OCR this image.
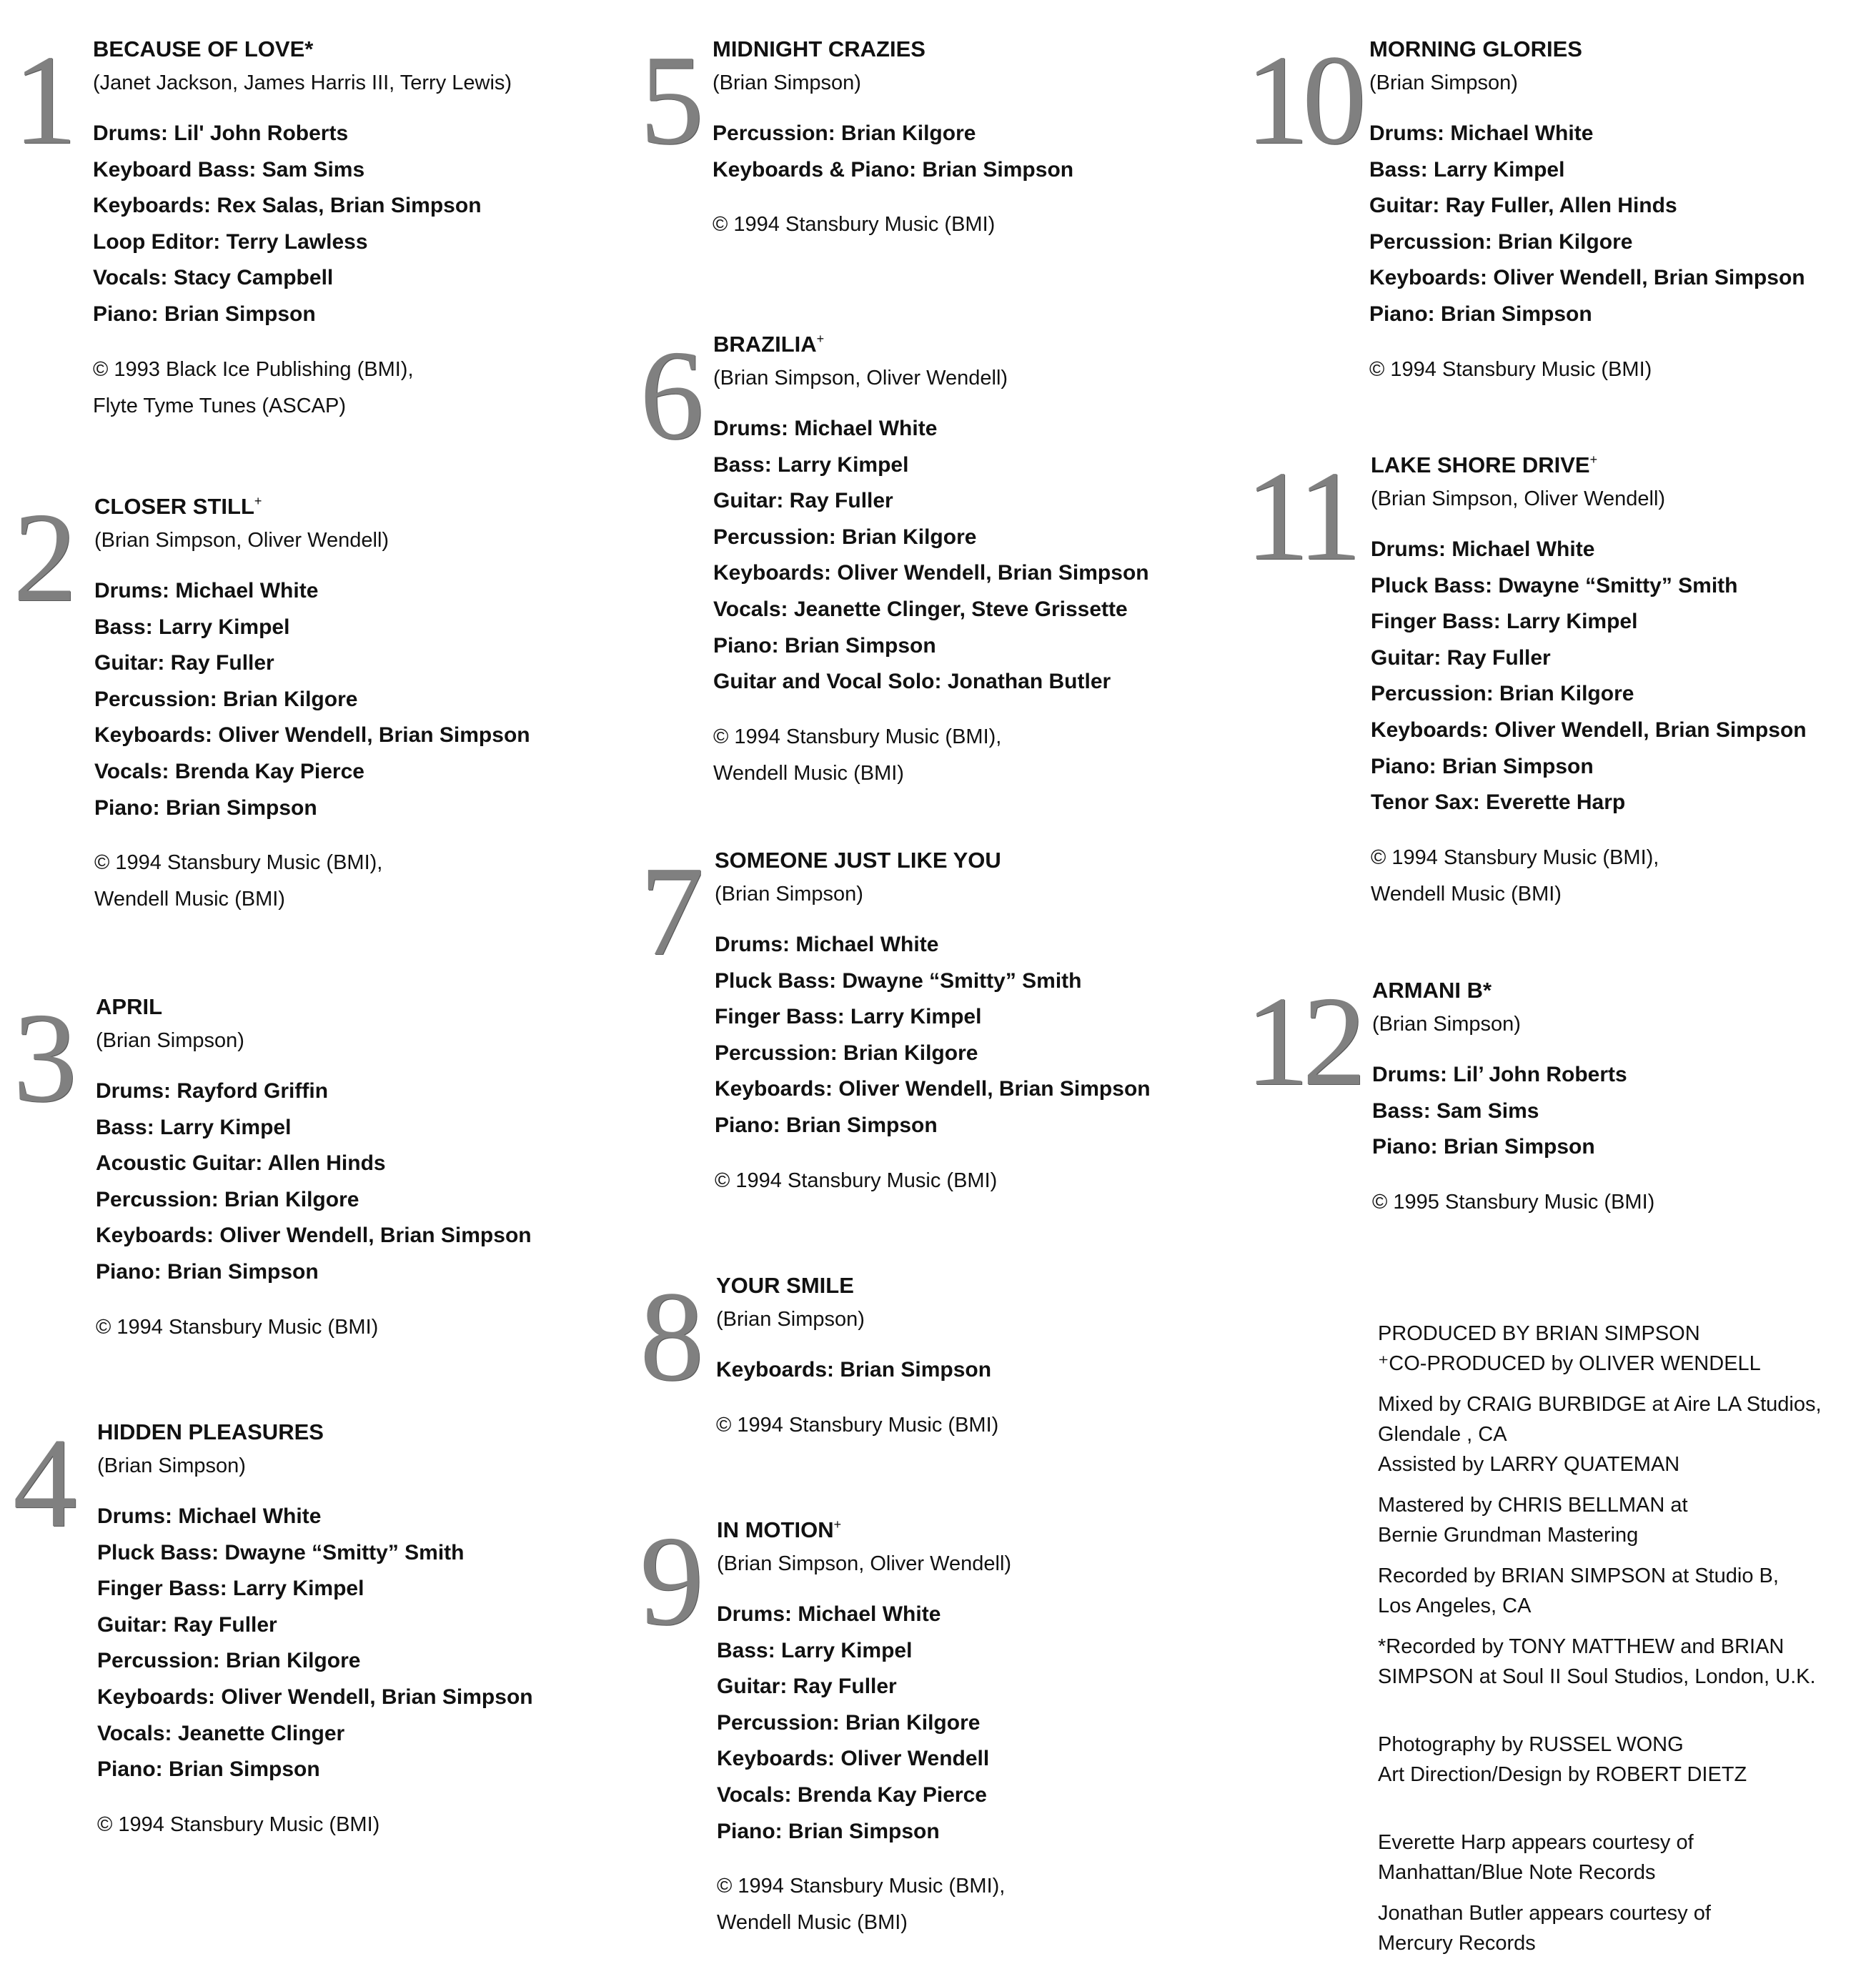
1 BECAUSE OF LOVE*
(Janet Jackson, James Harris III, Terry Lewis)
Drums: Lil' John Roberts
Keyboard Bass: Sam Sims
Keyboards: Rex Salas, Brian Simpson
Loop Editor: Terry Lawless
Vocals: Stacy Campbell
Piano: Brian Simpson
© 1993 Black Ice Publishing (BMI),
Flyte Tyme Tunes (ASCAP)
2 CLOSER STILL+
(Brian Simpson, Oliver Wendell)
Drums: Michael White
Bass: Larry Kimpel
Guitar: Ray Fuller
Percussion: Brian Kilgore
Keyboards: Oliver Wendell, Brian Simpson
Vocals: Brenda Kay Pierce
Piano: Brian Simpson
© 1994 Stansbury Music (BMI),
Wendell Music (BMI)
3 APRIL
(Brian Simpson)
Drums: Rayford Griffin
Bass: Larry Kimpel
Acoustic Guitar: Allen Hinds
Percussion: Brian Kilgore
Keyboards: Oliver Wendell, Brian Simpson
Piano: Brian Simpson
© 1994 Stansbury Music (BMI)
4 HIDDEN PLEASURES
(Brian Simpson)
Drums: Michael White
Pluck Bass: Dwayne “Smitty” Smith
Finger Bass: Larry Kimpel
Guitar: Ray Fuller
Percussion: Brian Kilgore
Keyboards: Oliver Wendell, Brian Simpson
Vocals: Jeanette Clinger
Piano: Brian Simpson
© 1994 Stansbury Music (BMI)
5 MIDNIGHT CRAZIES
(Brian Simpson)
Percussion: Brian Kilgore
Keyboards & Piano: Brian Simpson
© 1994 Stansbury Music (BMI)
6 BRAZILIA+
(Brian Simpson, Oliver Wendell)
Drums: Michael White
Bass: Larry Kimpel
Guitar: Ray Fuller
Percussion: Brian Kilgore
Keyboards: Oliver Wendell, Brian Simpson
Vocals: Jeanette Clinger, Steve Grissette
Piano: Brian Simpson
Guitar and Vocal Solo: Jonathan Butler
© 1994 Stansbury Music (BMI),
Wendell Music (BMI)
7 SOMEONE JUST LIKE YOU
(Brian Simpson)
Drums: Michael White
Pluck Bass: Dwayne “Smitty” Smith
Finger Bass: Larry Kimpel
Percussion: Brian Kilgore
Keyboards: Oliver Wendell, Brian Simpson
Piano: Brian Simpson
© 1994 Stansbury Music (BMI)
8 YOUR SMILE
(Brian Simpson)
Keyboards: Brian Simpson
© 1994 Stansbury Music (BMI)
9 IN MOTION+
(Brian Simpson, Oliver Wendell)
Drums: Michael White
Bass: Larry Kimpel
Guitar: Ray Fuller
Percussion: Brian Kilgore
Keyboards: Oliver Wendell
Vocals: Brenda Kay Pierce
Piano: Brian Simpson
© 1994 Stansbury Music (BMI),
Wendell Music (BMI)
10 MORNING GLORIES
(Brian Simpson)
Drums: Michael White
Bass: Larry Kimpel
Guitar: Ray Fuller, Allen Hinds
Percussion: Brian Kilgore
Keyboards: Oliver Wendell, Brian Simpson
Piano: Brian Simpson
© 1994 Stansbury Music (BMI)
11 LAKE SHORE DRIVE+
(Brian Simpson, Oliver Wendell)
Drums: Michael White
Pluck Bass: Dwayne “Smitty” Smith
Finger Bass: Larry Kimpel
Guitar: Ray Fuller
Percussion: Brian Kilgore
Keyboards: Oliver Wendell, Brian Simpson
Piano: Brian Simpson
Tenor Sax: Everette Harp
© 1994 Stansbury Music (BMI),
Wendell Music (BMI)
12 ARMANI B*
(Brian Simpson)
Drums: Lil’ John Roberts
Bass: Sam Sims
Piano: Brian Simpson
© 1995 Stansbury Music (BMI)
PRODUCED BY BRIAN SIMPSON
⁺CO-PRODUCED by OLIVER WENDELL
Mixed by CRAIG BURBIDGE at Aire LA Studios,
Glendale , CA
Assisted by LARRY QUATEMAN
Mastered by CHRIS BELLMAN at
Bernie Grundman Mastering
Recorded by BRIAN SIMPSON at Studio B,
Los Angeles, CA
*Recorded by TONY MATTHEW and BRIAN
SIMPSON at Soul II Soul Studios, London, U.K.
Photography by RUSSEL WONG
Art Direction/Design by ROBERT DIETZ
Everette Harp appears courtesy of
Manhattan/Blue Note Records
Jonathan Butler appears courtesy of
Mercury Records
